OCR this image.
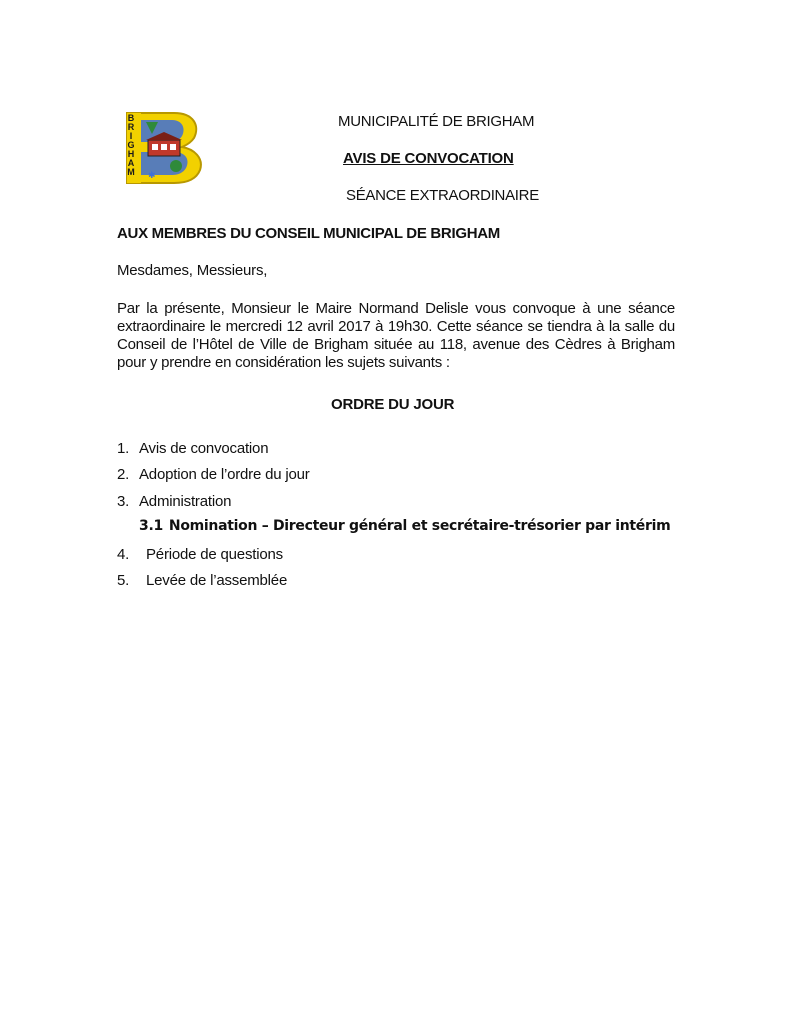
✱
B
R
I
G
H
A
M
MUNICIPALITÉ DE BRIGHAM
AVIS DE CONVOCATION
SÉANCE EXTRAORDINAIRE
AUX MEMBRES DU CONSEIL MUNICIPAL DE BRIGHAM
Mesdames, Messieurs,
Par la présente, Monsieur le Maire Normand Delisle vous convoque à une séance extraordinaire le mercredi 12 avril 2017 à 19h30. Cette séance se tiendra à la salle du Conseil de l’Hôtel de Ville de Brigham située au 118, avenue des Cèdres à Brigham pour y prendre en considération les sujets suivants :
ORDRE DU JOUR
1. Avis de convocation
2. Adoption de l’ordre du jour
3. Administration
3.1 Nomination – Directeur général et secrétaire-trésorier par intérim
4. Période de questions
5. Levée de l’assemblée
